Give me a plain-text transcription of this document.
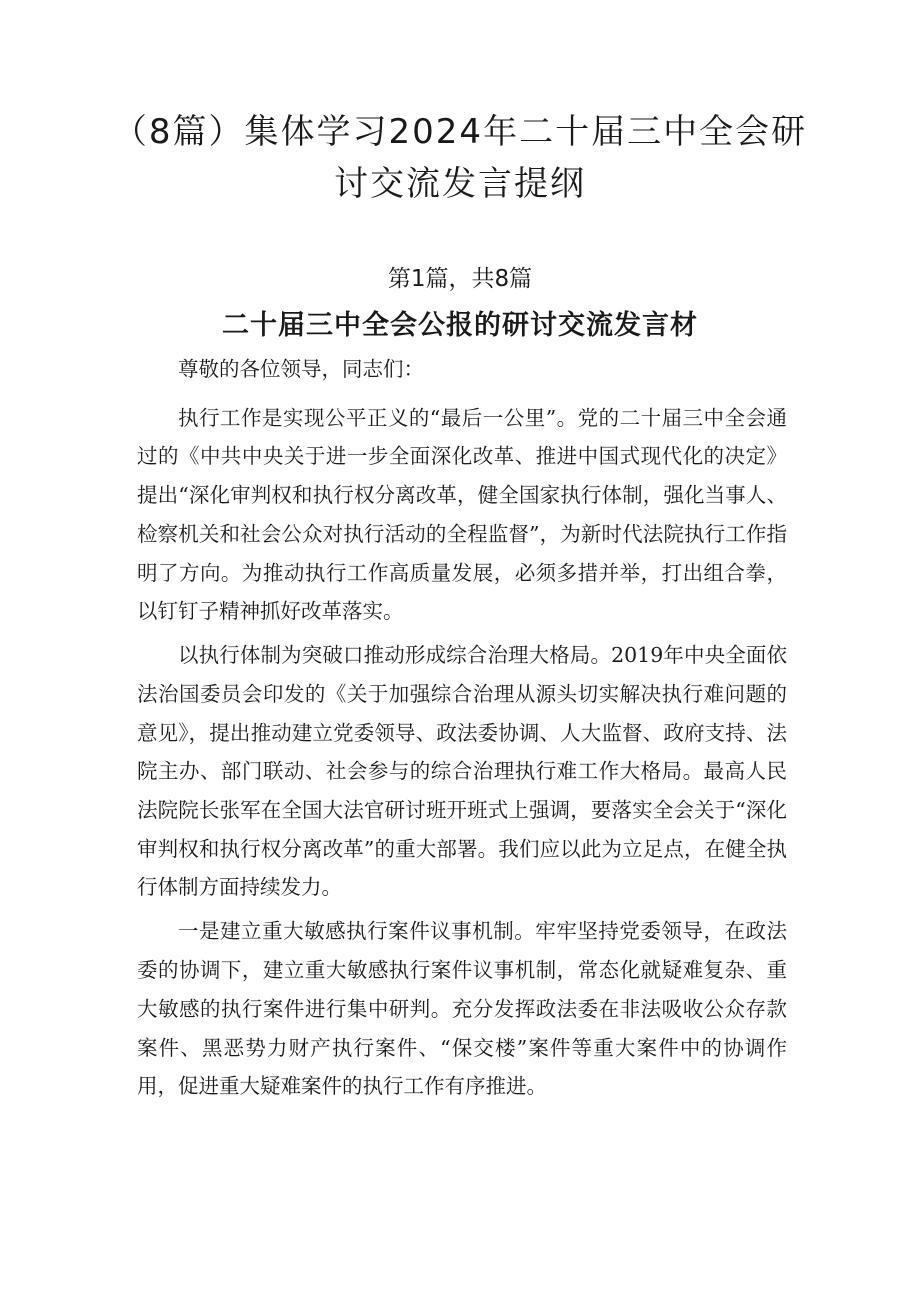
（8篇）集体学习2024年二十届三中全会研
讨交流发言提纲
第1篇，共8篇
二十届三中全会公报的研讨交流发言材

尊敬的各位领导，同志们：

执行工作是实现公平正义的“最后一公里”。党的二十届三中全会通过的《中共中央关于进一步全面深化改革、推进中国式现代化的决定》提出“深化审判权和执行权分离改革，健全国家执行体制，强化当事人、检察机关和社会公众对执行活动的全程监督”，为新时代法院执行工作指明了方向。为推动执行工作高质量发展，必须多措并举，打出组合拳，以钉钉子精神抓好改革落实。

以执行体制为突破口推动形成综合治理大格局。2019年中央全面依法治国委员会印发的《关于加强综合治理从源头切实解决执行难问题的意见》，提出推动建立党委领导、政法委协调、人大监督、政府支持、法院主办、部门联动、社会参与的综合治理执行难工作大格局。最高人民法院院长张军在全国大法官研讨班开班式上强调，要落实全会关于“深化审判权和执行权分离改革”的重大部署。我们应以此为立足点，在健全执行体制方面持续发力。

一是建立重大敏感执行案件议事机制。牢牢坚持党委领导，在政法委的协调下，建立重大敏感执行案件议事机制，常态化就疑难复杂、重大敏感的执行案件进行集中研判。充分发挥政法委在非法吸收公众存款案件、黑恶势力财产执行案件、“保交楼”案件等重大案件中的协调作用，促进重大疑难案件的执行工作有序推进。
